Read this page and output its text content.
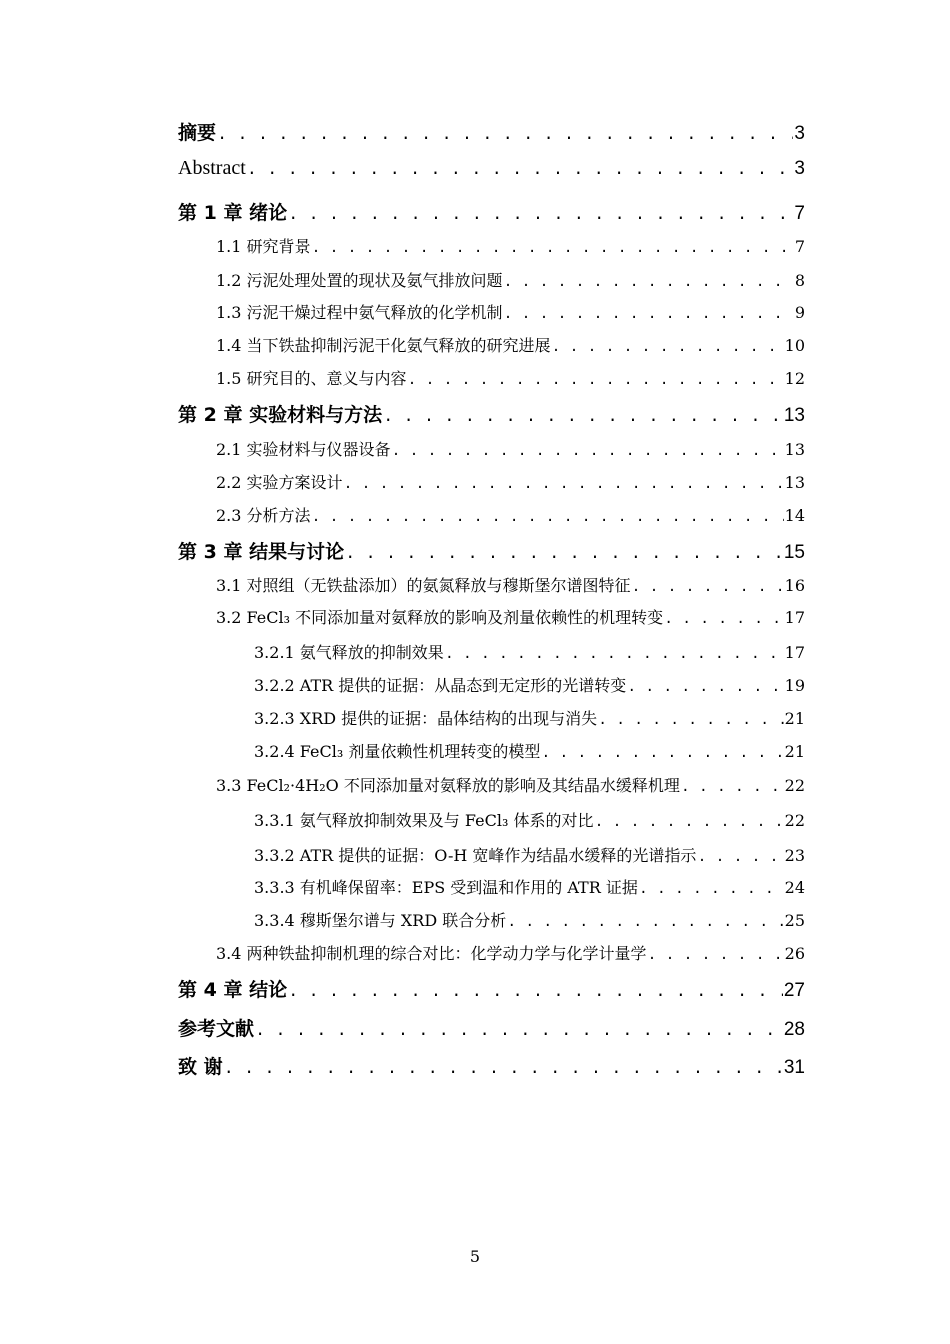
摘要 . . .	3
Abstract . . .	3
第 1 章 绪论 . . .	7
1.1 研究背景 . . .	7
1.2 污泥处理处置的现状及氨气排放问题 . . .	8
1.3 污泥干燥过程中氨气释放的化学机制 . . .	9
1.4 当下铁盐抑制污泥干化氨气释放的研究进展 . . .	10
1.5 研究目的、意义与内容 . . .	12
第 2 章 实验材料与方法 . . .	13
2.1 实验材料与仪器设备 . . .	13
2.2 实验方案设计 . . .	13
2.3 分析方法 . . .	14
第 3 章 结果与讨论 . . .	15
3.1 对照组（无铁盐添加）的氨氮释放与穆斯堡尔谱图特征 . . .	16
3.2 FeCl₃ 不同添加量对氨释放的影响及剂量依赖性的机理转变 . . .	17
3.2.1 氨气释放的抑制效果 . . .	17
3.2.2 ATR 提供的证据：从晶态到无定形的光谱转变 . . .	19
3.2.3 XRD 提供的证据：晶体结构的出现与消失 . . .	21
3.2.4 FeCl₃ 剂量依赖性机理转变的模型 . . .	21
3.3 FeCl₂·4H₂O 不同添加量对氨释放的影响及其结晶水缓释机理 . . .	22
3.3.1 氨气释放抑制效果及与 FeCl₃ 体系的对比 . . .	22
3.3.2 ATR 提供的证据：O-H 宽峰作为结晶水缓释的光谱指示 . . .	23
3.3.3 有机峰保留率：EPS 受到温和作用的 ATR 证据 . . .	24
3.3.4 穆斯堡尔谱与 XRD 联合分析 . . .	25
3.4 两种铁盐抑制机理的综合对比：化学动力学与化学计量学 . . .	26
第 4 章 结论 . . .	27
参考文献 . . .	28
致 谢 . . .	31
5
